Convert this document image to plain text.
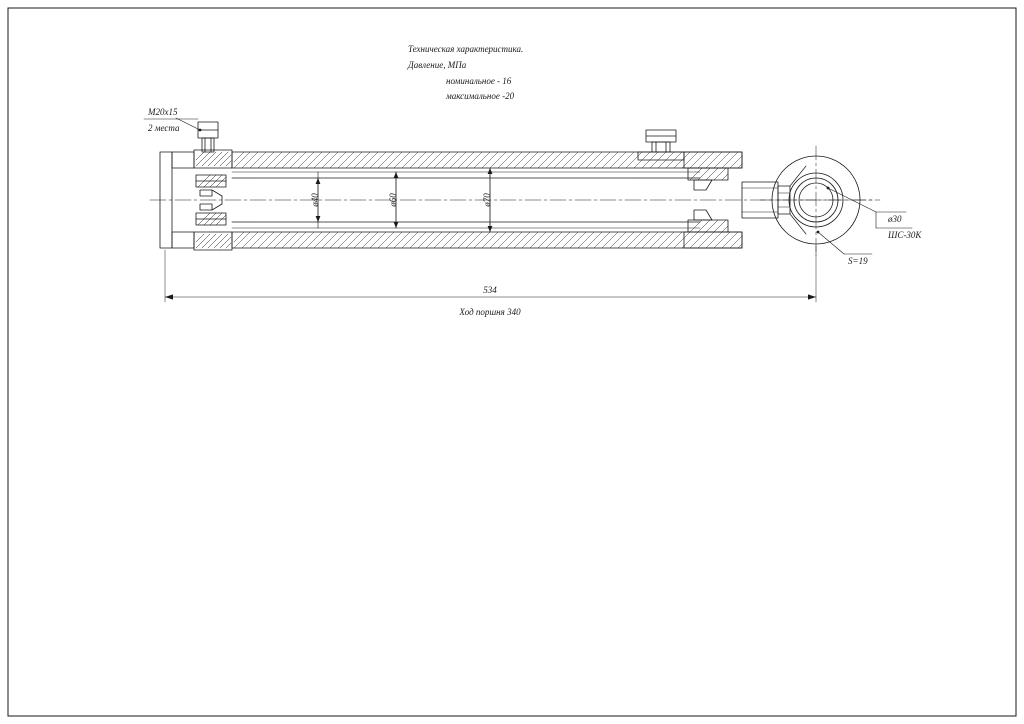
Техническая характеристика.
Давление, МПа
номинальное - 16
максимальное -20
M20x15
2 места
ø40	ø60	ø70
ø30
ШС-30К
S=19
534
Ход поршня 340
